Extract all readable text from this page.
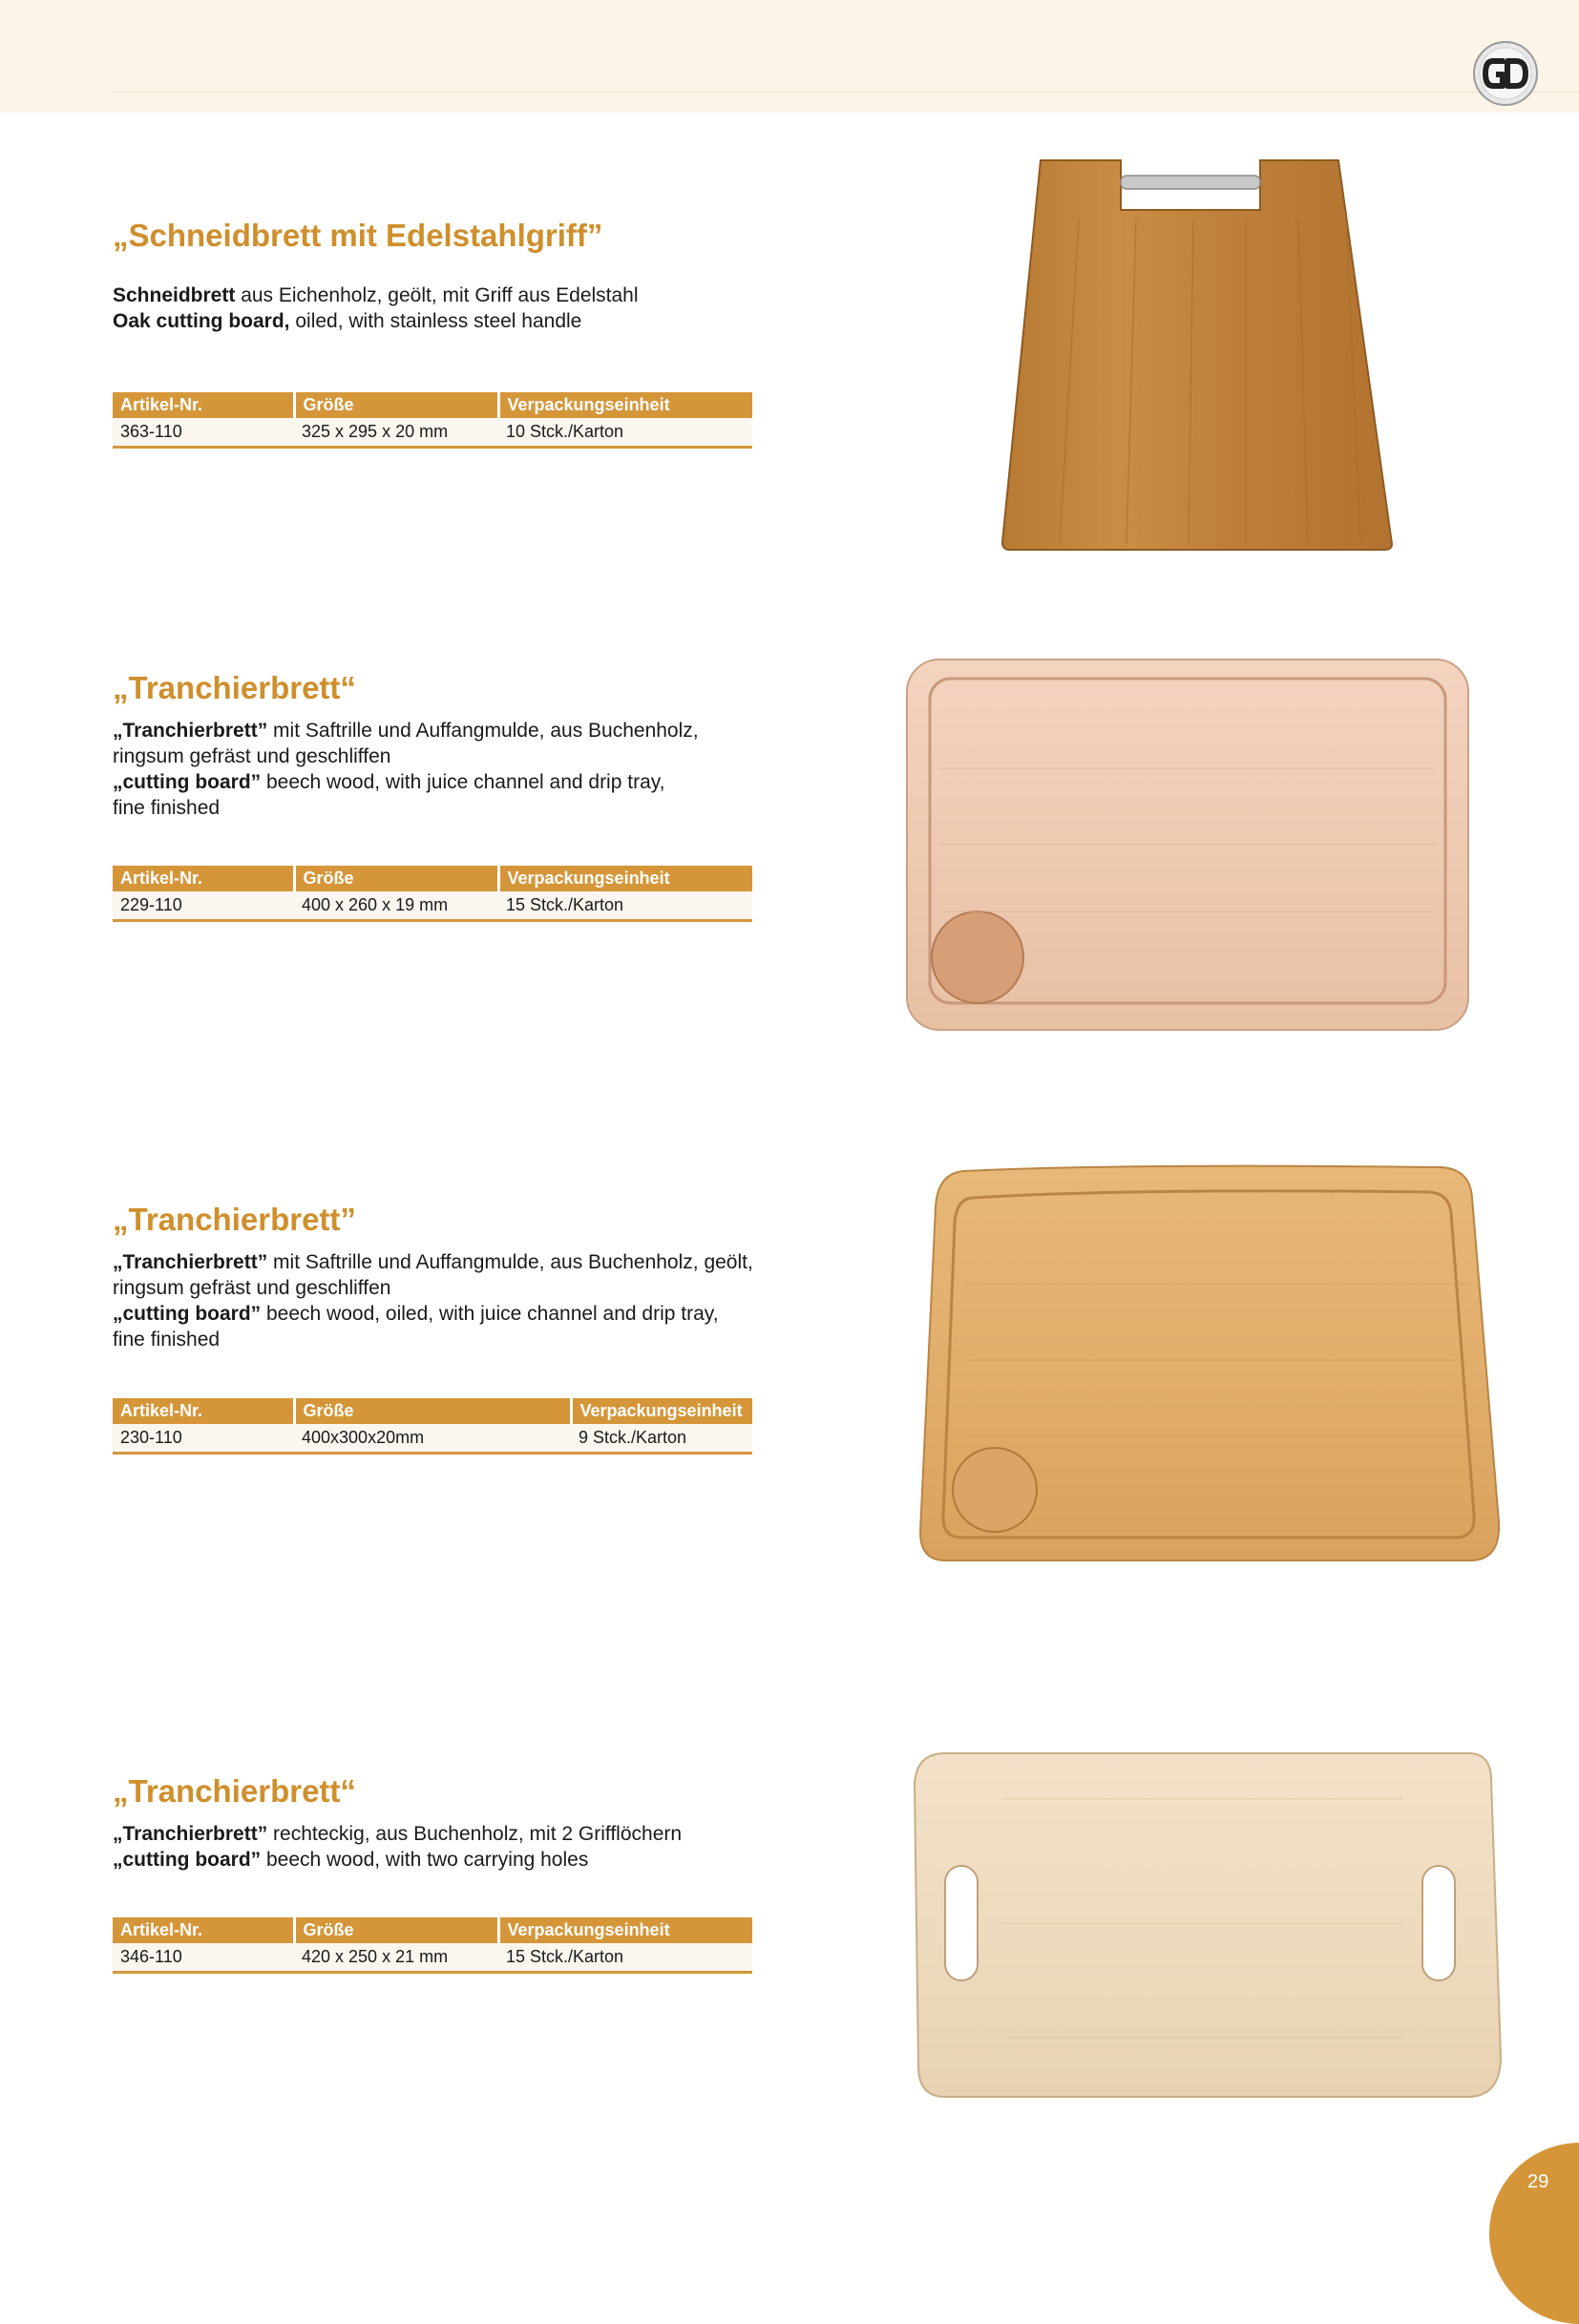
„Schneidbrett mit Edelstahlgriff”

Schneidbrett aus Eichenholz, geölt, mit Griff aus Edelstahl

Oak cutting board, oiled, with stainless steel handle

Artikel-Nr.	Größe	Verpackungseinheit
363-110	325 x 295 x 20 mm	10 Stck./Karton
„Tranchierbrett“

„Tranchierbrett” mit Saftrille und Auffangmulde, aus Buchenholz,

ringsum gefräst und geschliffen

„cutting board” beech wood, with juice channel and drip tray,

fine finished

Artikel-Nr.	Größe	Verpackungseinheit
229-110	400 x 260 x 19 mm	15 Stck./Karton
„Tranchierbrett”

„Tranchierbrett” mit Saftrille und Auffangmulde, aus Buchenholz, geölt,

ringsum gefräst und geschliffen

„cutting board” beech wood, oiled, with juice channel and drip tray,

fine finished

Artikel-Nr.	Größe	Verpackungseinheit
230-110	400x300x20mm	9 Stck./Karton
„Tranchierbrett“

„Tranchierbrett” rechteckig, aus Buchenholz, mit 2 Grifflöchern

„cutting board” beech wood, with two carrying holes

Artikel-Nr.	Größe	Verpackungseinheit
346-110	420 x 250 x 21 mm	15 Stck./Karton
29
